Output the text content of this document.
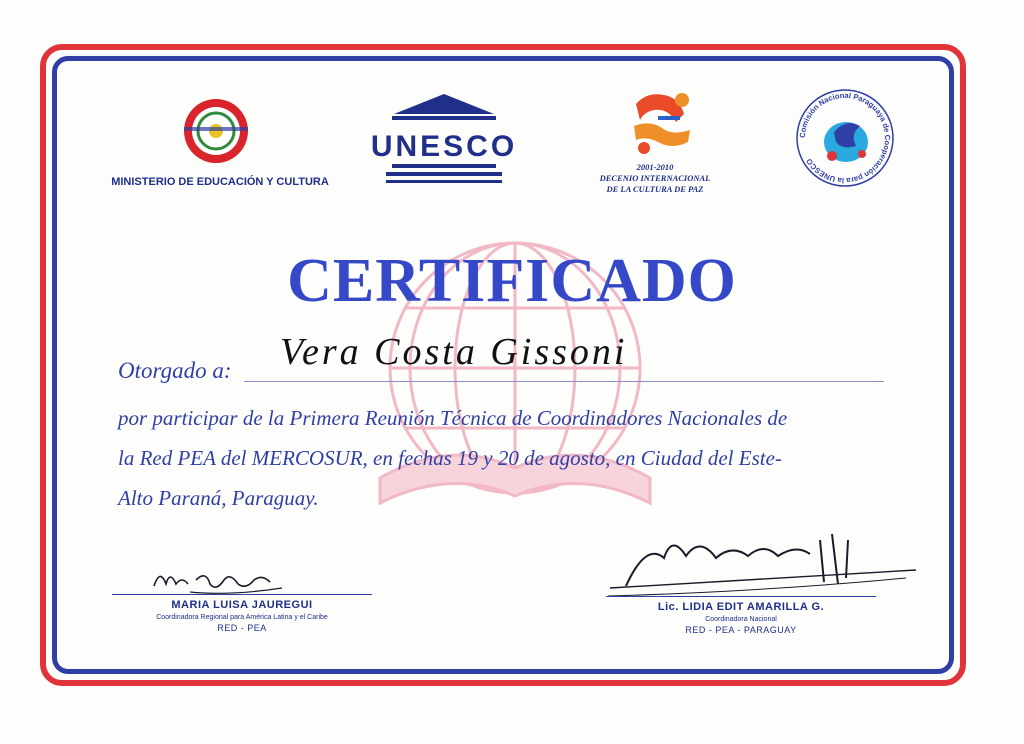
MINISTERIO DE EDUCACIÓN Y CULTURA
UNESCO
2001-2010
DECENIO INTERNACIONAL
DE LA CULTURA DE PAZ
Comisión Nacional Paraguaya de Cooperación para la UNESCO
CERTIFICADO
Otorgado a: Vera Costa Gissoni
por participar de la Primera Reunión Técnica de Coordinadores Nacionales de
la Red PEA del MERCOSUR, en fechas 19 y 20 de agosto, en Ciudad del Este-
Alto Paraná, Paraguay.
MARIA LUISA JAUREGUI
Coordinadora Regional para América Latina y el Caribe
RED - PEA
Lic. LIDIA EDIT AMARILLA G.
Coordinadora Nacional
RED - PEA - PARAGUAY
